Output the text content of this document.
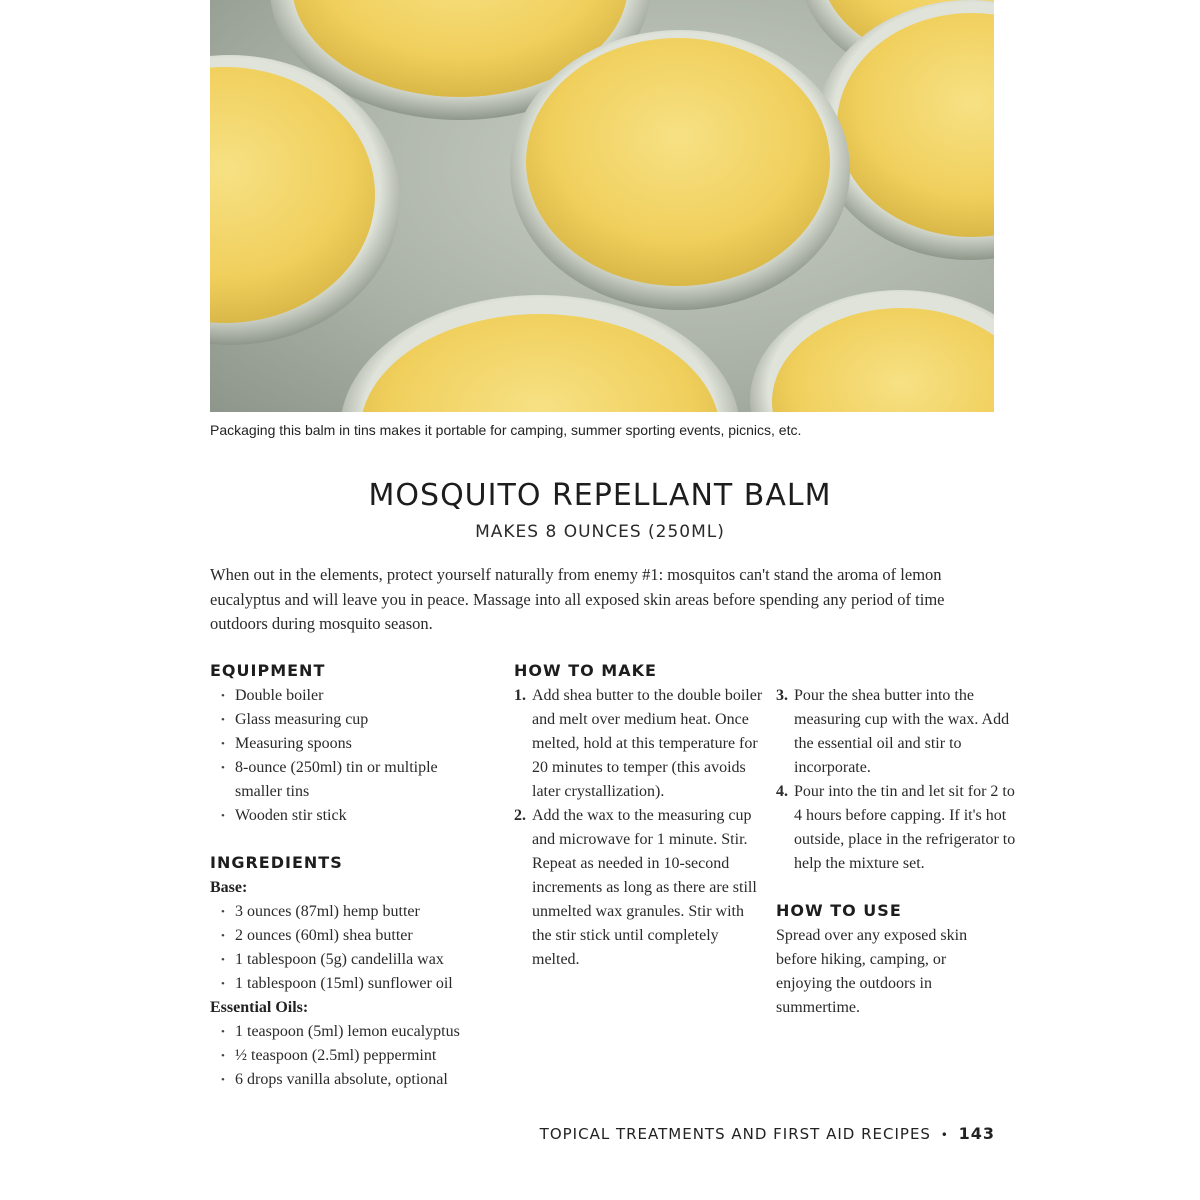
Packaging this balm in tins makes it portable for camping, summer sporting events, picnics, etc.
MOSQUITO REPELLANT BALM
MAKES 8 OUNCES (250ML)
When out in the elements, protect yourself naturally from enemy #1: mosquitos can't stand the aroma of lemon eucalyptus and will leave you in peace. Massage into all exposed skin areas before spending any period of time outdoors during mosquito season.
EQUIPMENT
• Double boiler
• Glass measuring cup
• Measuring spoons
• 8-ounce (250ml) tin or multiple smaller tins
• Wooden stir stick
INGREDIENTS
Base:
• 3 ounces (87ml) hemp butter
• 2 ounces (60ml) shea butter
• 1 tablespoon (5g) candelilla wax
• 1 tablespoon (15ml) sunflower oil
Essential Oils:
• 1 teaspoon (5ml) lemon eucalyptus
• ½ teaspoon (2.5ml) peppermint
• 6 drops vanilla absolute, optional
HOW TO MAKE
1. Add shea butter to the double boiler and melt over medium heat. Once melted, hold at this temperature for 20 minutes to temper (this avoids later crystallization).
2. Add the wax to the measuring cup and microwave for 1 minute. Stir. Repeat as needed in 10-second increments as long as there are still unmelted wax granules. Stir with the stir stick until completely melted.
3. Pour the shea butter into the measuring cup with the wax. Add the essential oil and stir to incorporate.
4. Pour into the tin and let sit for 2 to 4 hours before capping. If it's hot outside, place in the refrigerator to help the mixture set.
HOW TO USE
Spread over any exposed skin before hiking, camping, or enjoying the outdoors in summertime.
TOPICAL TREATMENTS AND FIRST AID RECIPES • 143
